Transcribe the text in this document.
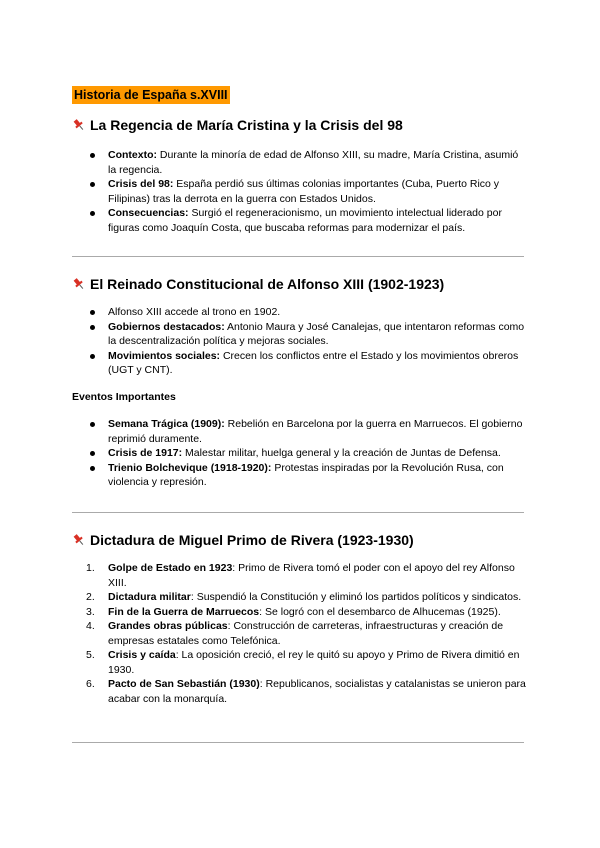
Historia de España s.XVIII
La Regencia de María Cristina y la Crisis del 98
Contexto: Durante la minoría de edad de Alfonso XIII, su madre, María Cristina, asumió la regencia.
Crisis del 98: España perdió sus últimas colonias importantes (Cuba, Puerto Rico y Filipinas) tras la derrota en la guerra con Estados Unidos.
Consecuencias: Surgió el regeneracionismo, un movimiento intelectual liderado por figuras como Joaquín Costa, que buscaba reformas para modernizar el país.
El Reinado Constitucional de Alfonso XIII (1902-1923)
Alfonso XIII accede al trono en 1902.
Gobiernos destacados: Antonio Maura y José Canalejas, que intentaron reformas como la descentralización política y mejoras sociales.
Movimientos sociales: Crecen los conflictos entre el Estado y los movimientos obreros (UGT y CNT).
Eventos Importantes
Semana Trágica (1909): Rebelión en Barcelona por la guerra en Marruecos. El gobierno reprimió duramente.
Crisis de 1917: Malestar militar, huelga general y la creación de Juntas de Defensa.
Trienio Bolchevique (1918-1920): Protestas inspiradas por la Revolución Rusa, con violencia y represión.
Dictadura de Miguel Primo de Rivera (1923-1930)
1. Golpe de Estado en 1923: Primo de Rivera tomó el poder con el apoyo del rey Alfonso XIII.
2. Dictadura militar: Suspendió la Constitución y eliminó los partidos políticos y sindicatos.
3. Fin de la Guerra de Marruecos: Se logró con el desembarco de Alhucemas (1925).
4. Grandes obras públicas: Construcción de carreteras, infraestructuras y creación de empresas estatales como Telefónica.
5. Crisis y caída: La oposición creció, el rey le quitó su apoyo y Primo de Rivera dimitió en 1930.
6. Pacto de San Sebastián (1930): Republicanos, socialistas y catalanistas se unieron para acabar con la monarquía.
